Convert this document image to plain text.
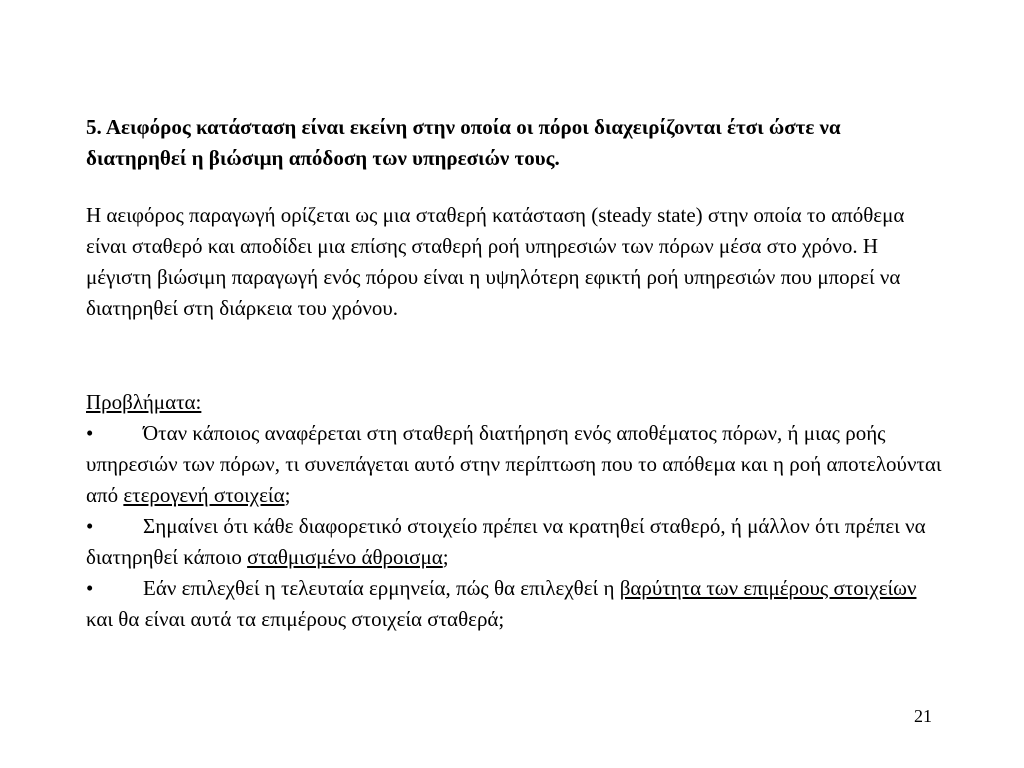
5. Αειφόρος κατάσταση είναι εκείνη στην οποία οι πόροι διαχειρίζονται έτσι ώστε να διατηρηθεί η βιώσιμη απόδοση των υπηρεσιών τους.

Η αειφόρος παραγωγή ορίζεται ως μια σταθερή κατάσταση (steady state) στην οποία το απόθεμα είναι σταθερό και αποδίδει μια επίσης σταθερή ροή υπηρεσιών των πόρων μέσα στο χρόνο. Η μέγιστη βιώσιμη παραγωγή ενός πόρου είναι η υψηλότερη εφικτή ροή υπηρεσιών που μπορεί να διατηρηθεί στη διάρκεια του χρόνου.

Προβλήματα:

• Όταν κάποιος αναφέρεται στη σταθερή διατήρηση ενός αποθέματος πόρων, ή μιας ροής υπηρεσιών των πόρων, τι συνεπάγεται αυτό στην περίπτωση που το απόθεμα και η ροή αποτελούνται από ετερογενή στοιχεία;

• Σημαίνει ότι κάθε διαφορετικό στοιχείο πρέπει να κρατηθεί σταθερό, ή μάλλον ότι πρέπει να διατηρηθεί κάποιο σταθμισμένο άθροισμα;

• Εάν επιλεχθεί η τελευταία ερμηνεία, πώς θα επιλεχθεί η βαρύτητα των επιμέρους στοιχείων και θα είναι αυτά τα επιμέρους στοιχεία σταθερά;

21
